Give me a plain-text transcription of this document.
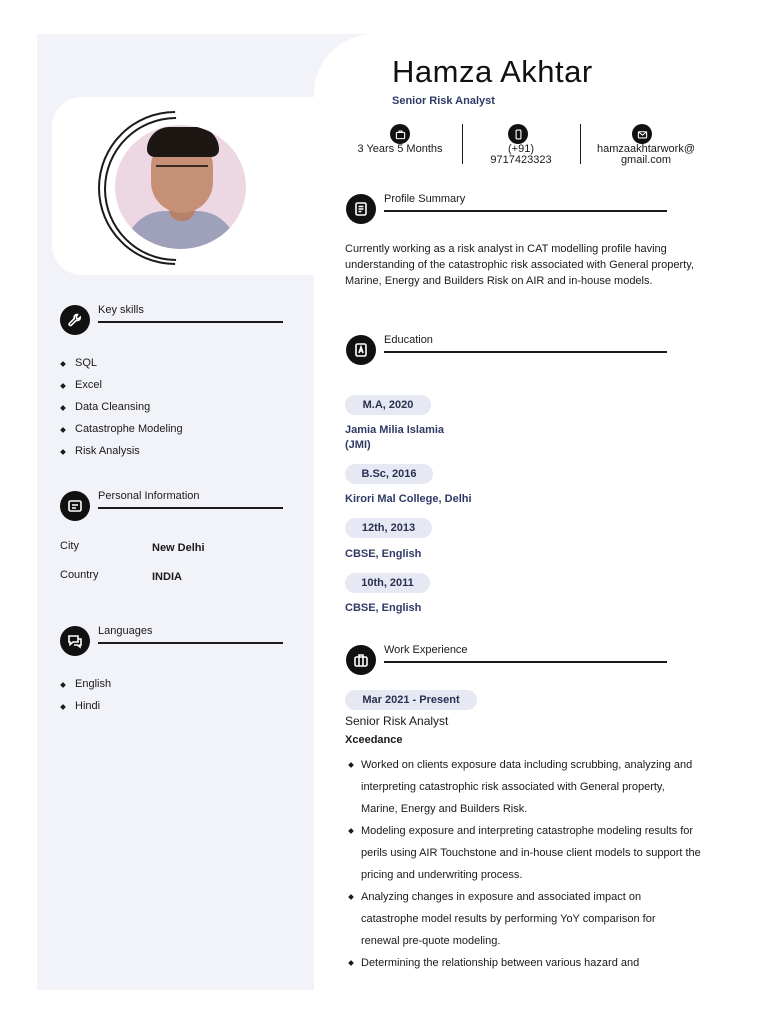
Hamza Akhtar
Senior Risk Analyst
3 Years 5 Months	(+91)
9717423323
hamzaakhtarwork@
gmail.com
Key skills
SQL
Excel
Data Cleansing
Catastrophe Modeling
Risk Analysis
Personal Information
City	New Delhi
Country	INDIA
Languages
English
Hindi
Profile Summary
Currently working as a risk analyst in CAT modelling profile having understanding of the catastrophic risk associated with General property, Marine, Energy and Builders Risk on AIR and in-house models.
Education
M.A, 2020
Jamia Milia Islamia
(JMI)
B.Sc, 2016
Kirori Mal College, Delhi
12th, 2013
CBSE, English
10th, 2011
CBSE, English
Work Experience
Mar 2021 - Present
Senior Risk Analyst
Xceedance
Worked on clients exposure data including scrubbing, analyzing and interpreting catastrophic risk associated with General property, Marine, Energy and Builders Risk.
Modeling exposure and interpreting catastrophe modeling results for perils using AIR Touchstone and in-house client models to support the pricing and underwriting process.
Analyzing changes in exposure and associated impact on catastrophe model results by performing YoY comparison for renewal pre-quote modeling.
Determining the relationship between various hazard and
